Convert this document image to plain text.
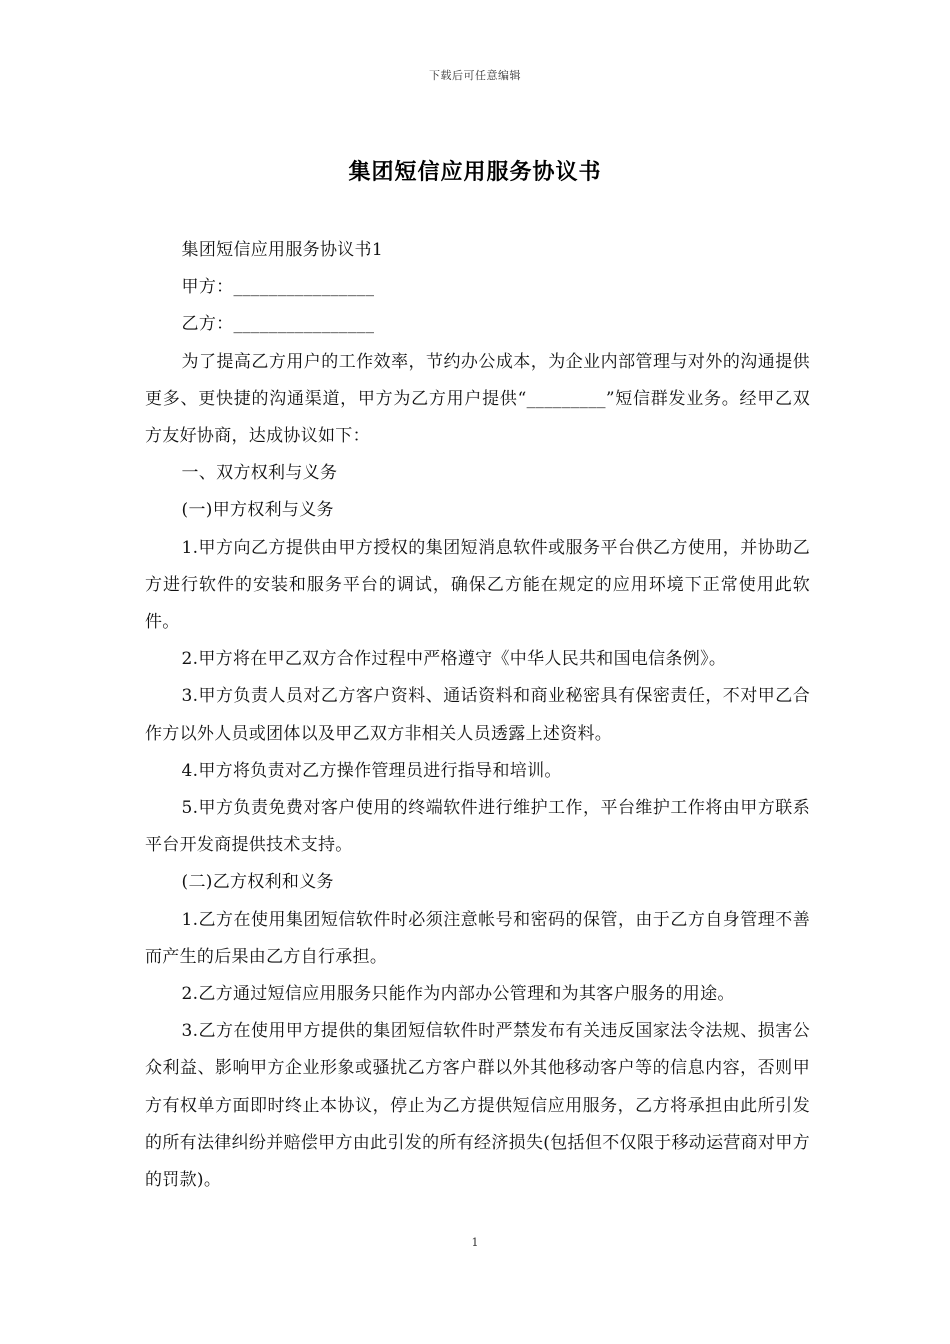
下载后可任意编辑
集团短信应用服务协议书

集团短信应用服务协议书1

甲方：________________

乙方：________________

为了提高乙方用户的工作效率，节约办公成本，为企业内部管理与对外的沟通提供更多、更快捷的沟通渠道，甲方为乙方用户提供“_________”短信群发业务。经甲乙双方友好协商，达成协议如下：

一、双方权利与义务

(一)甲方权利与义务

1.甲方向乙方提供由甲方授权的集团短消息软件或服务平台供乙方使用，并协助乙方进行软件的安装和服务平台的调试，确保乙方能在规定的应用环境下正常使用此软件。

2.甲方将在甲乙双方合作过程中严格遵守《中华人民共和国电信条例》。

3.甲方负责人员对乙方客户资料、通话资料和商业秘密具有保密责任，不对甲乙合作方以外人员或团体以及甲乙双方非相关人员透露上述资料。

4.甲方将负责对乙方操作管理员进行指导和培训。

5.甲方负责免费对客户使用的终端软件进行维护工作，平台维护工作将由甲方联系平台开发商提供技术支持。

(二)乙方权利和义务

1.乙方在使用集团短信软件时必须注意帐号和密码的保管，由于乙方自身管理不善而产生的后果由乙方自行承担。

2.乙方通过短信应用服务只能作为内部办公管理和为其客户服务的用途。

3.乙方在使用甲方提供的集团短信软件时严禁发布有关违反国家法令法规、损害公众利益、影响甲方企业形象或骚扰乙方客户群以外其他移动客户等的信息内容，否则甲方有权单方面即时终止本协议，停止为乙方提供短信应用服务，乙方将承担由此所引发的所有法律纠纷并赔偿甲方由此引发的所有经济损失(包括但不仅限于移动运营商对甲方的罚款)。

1
